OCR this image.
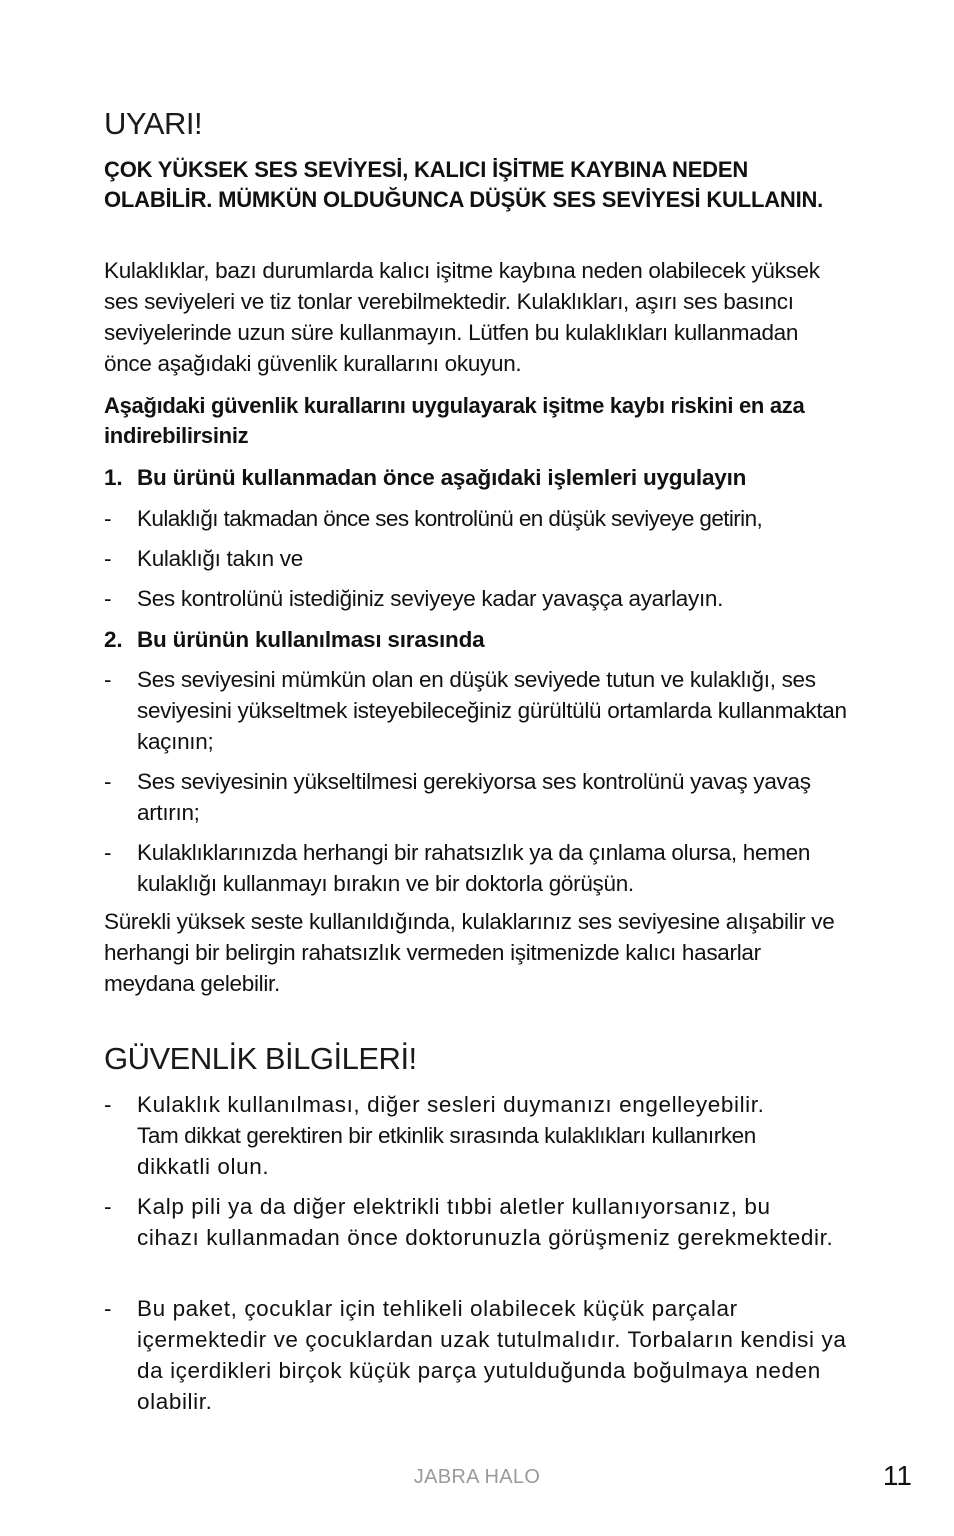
UYARI!

ÇOK YÜKSEK SES SEVİYESİ, KALICI İŞİTME KAYBINA NEDEN OLABİLİR. MÜMKÜN OLDUĞUNCA DÜŞÜK SES SEVİYESİ KULLANIN.

Kulaklıklar, bazı durumlarda kalıcı işitme kaybına neden olabilecek yüksek ses seviyeleri ve tiz tonlar verebilmektedir. Kulaklıkları, aşırı ses basıncı seviyelerinde uzun süre kullanmayın. Lütfen bu kulaklıkları kullanmadan önce aşağıdaki güvenlik kurallarını okuyun.

Aşağıdaki güvenlik kurallarını uygulayarak işitme kaybı riskini en aza indirebilirsiniz

1. Bu ürünü kullanmadan önce aşağıdaki işlemleri uygulayın
- Kulaklığı takmadan önce ses kontrolünü en düşük seviyeye getirin,
- Kulaklığı takın ve
- Ses kontrolünü istediğiniz seviyeye kadar yavaşça ayarlayın.
2. Bu ürünün kullanılması sırasında
- Ses seviyesini mümkün olan en düşük seviyede tutun ve kulaklığı, ses seviyesini yükseltmek isteyebileceğiniz gürültülü ortamlarda kullanmaktan kaçının;
- Ses seviyesinin yükseltilmesi gerekiyorsa ses kontrolünü yavaş yavaş artırın;
- Kulaklıklarınızda herhangi bir rahatsızlık ya da çınlama olursa, hemen kulaklığı kullanmayı bırakın ve bir doktorla görüşün.

Sürekli yüksek seste kullanıldığında, kulaklarınız ses seviyesine alışabilir ve herhangi bir belirgin rahatsızlık vermeden işitmenizde kalıcı hasarlar meydana gelebilir.

GÜVENLİK BİLGİLERİ!
- Kulaklık kullanılması, diğer sesleri duymanızı engelleyebilir.
Tam dikkat gerektiren bir etkinlik sırasında kulaklıkları kullanırken
dikkatli olun.
- Kalp pili ya da diğer elektrikli tıbbi aletler kullanıyorsanız, bu cihazı kullanmadan önce doktorunuzla görüşmeniz gerekmektedir.
- Bu paket, çocuklar için tehlikeli olabilecek küçük parçalar içermektedir ve çocuklardan uzak tutulmalıdır. Torbaların kendisi ya da içerdikleri birçok küçük parça yutulduğunda boğulmaya neden olabilir.
JABRA HALO	11
